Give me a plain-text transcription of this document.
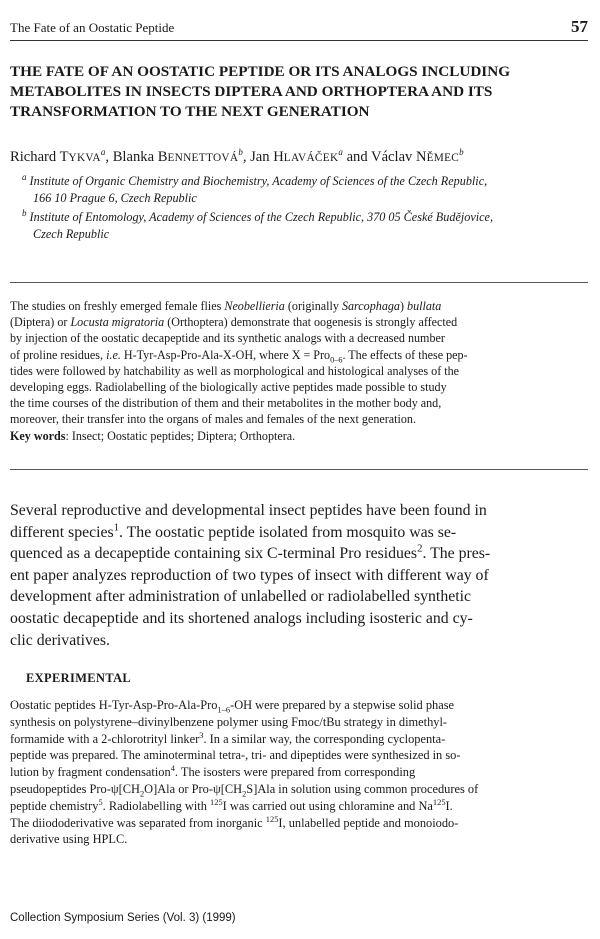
The Fate of an Oostatic Peptide	57
THE FATE OF AN OOSTATIC PEPTIDE OR ITS ANALOGS INCLUDING
METABOLITES IN INSECTS DIPTERA AND ORTHOPTERA AND ITS
TRANSFORMATION TO THE NEXT GENERATION
Richard TYKVA$^a$, Blanka BENNETTOVÁ$^b$, Jan HLAVÁČEK$^a$ and Václav NĚMEC$^b$
$^a$ Institute of Organic Chemistry and Biochemistry, Academy of Sciences of the Czech Republic,
166 10 Prague 6, Czech Republic
$^b$ Institute of Entomology, Academy of Sciences of the Czech Republic, 370 05 České Budějovice,
Czech Republic
The studies on freshly emerged female flies Neobellieria (originally Sarcophaga) bullata
(Diptera) or Locusta migratoria (Orthoptera) demonstrate that oogenesis is strongly affected
by injection of the oostatic decapeptide and its synthetic analogs with a decreased number
of proline residues, i.e. H-Tyr-Asp-Pro-Ala-X-OH, where X = Pro$_{0-6}$. The effects of these pep-
tides were followed by hatchability as well as morphological and histological analyses of the
developing eggs. Radiolabelling of the biologically active peptides made possible to study
the time courses of the distribution of them and their metabolites in the mother body and,
moreover, their transfer into the organs of males and females of the next generation.
Key words: Insect; Oostatic peptides; Diptera; Orthoptera.
Several reproductive and developmental insect peptides have been found in
different species$^1$. The oostatic peptide isolated from mosquito was se-
quenced as a decapeptide containing six C-terminal Pro residues$^2$. The pres-
ent paper analyzes reproduction of two types of insect with different way of
development after administration of unlabelled or radiolabelled synthetic
oostatic decapeptide and its shortened analogs including isosteric and cy-
clic derivatives.
EXPERIMENTAL
Oostatic peptides H-Tyr-Asp-Pro-Ala-Pro$_{1-6}$-OH were prepared by a stepwise solid phase
synthesis on polystyrene–divinylbenzene polymer using Fmoc/tBu strategy in dimethyl-
formamide with a 2-chlorotrityl linker$^3$. In a similar way, the corresponding cyclopenta-
peptide was prepared. The aminoterminal tetra-, tri- and dipeptides were synthesized in so-
lution by fragment condensation$^4$. The isosters were prepared from corresponding
pseudopeptides Pro-$\psi[CH_2O]Ala$ or Pro-$\psi[CH_2S]Ala$ in solution using common procedures of
peptide chemistry$^5$. Radiolabelling with $^{125}$I was carried out using chloramine and Na$^{125}$I.
The diiododerivative was separated from inorganic $^{125}$I, unlabelled peptide and monoiodo-
derivative using HPLC.
Collection Symposium Series (Vol. 3) (1999)
